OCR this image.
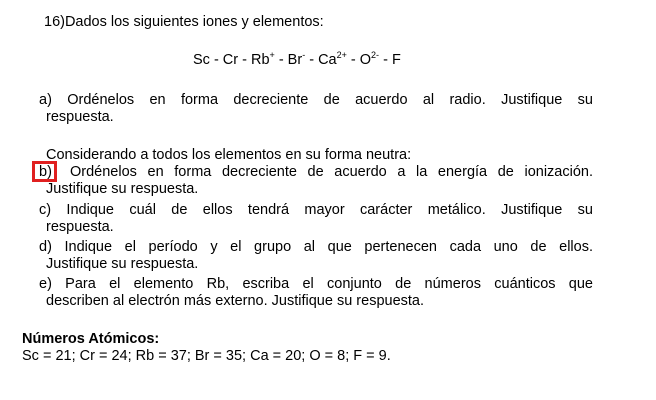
16)Dados los siguientes iones y elementos:
Sc - Cr - $Rb^+ - Br^- - Ca^{2+} - O^{2-}$ - F
a) Ordénelos en forma decreciente de acuerdo al radio. Justifique su
respuesta.
Considerando a todos los elementos en su forma neutra:
b) Ordénelos en forma decreciente de acuerdo a la energía de ionización.
Justifique su respuesta.
c) Indique cuál de ellos tendrá mayor carácter metálico. Justifique su
respuesta.
d) Indique el período y el grupo al que pertenecen cada uno de ellos.
Justifique su respuesta.
e) Para el elemento Rb, escriba el conjunto de números cuánticos que
describen al electrón más externo. Justifique su respuesta.
Números Atómicos:
Sc = 21; Cr = 24; Rb = 37; Br = 35; Ca = 20; O = 8; F = 9.
